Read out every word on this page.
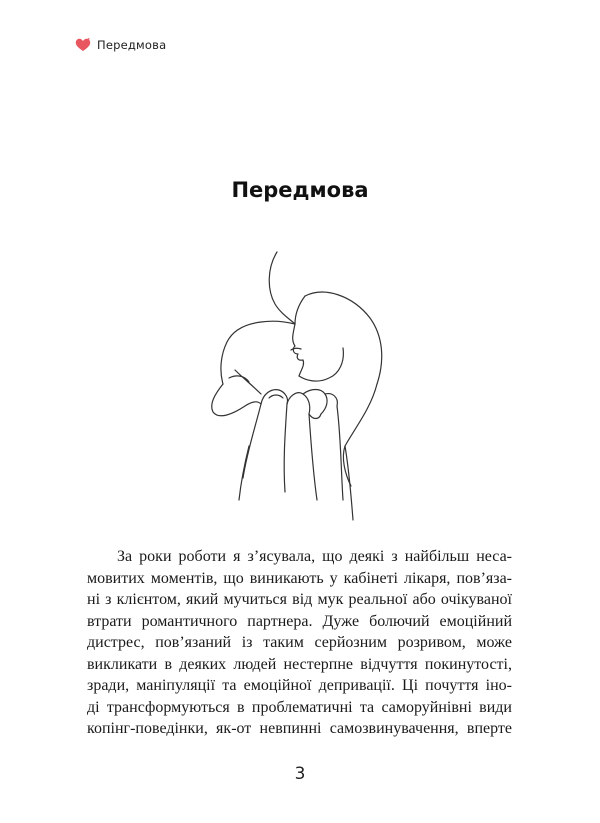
Передмова
Передмова
За роки роботи я з’ясувала, що деякі з найбільш неса-
мовитих моментів, що виникають у кабінеті лікаря, пов’яза-
ні з клієнтом, який мучиться від мук реальної або очікуваної
втрати романтичного партнера. Дуже болючий емоційний
дистрес, пов’язаний із таким серйозним розривом, може
викликати в деяких людей нестерпне відчуття покинутості,
зради, маніпуляції та емоційної депривації. Ці почуття іно-
ді трансформуються в проблематичні та саморуйнівні види
копінг-поведінки, як-от невпинні самозвинувачення, вперте
3
